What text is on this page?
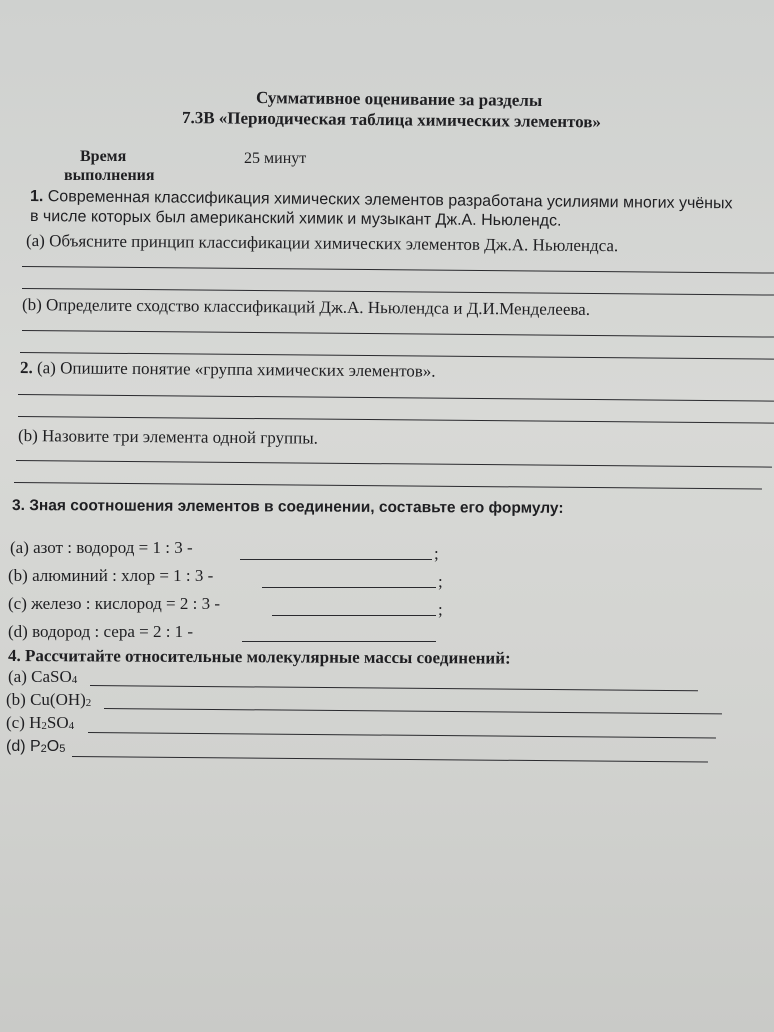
Суммативное оценивание за разделы
7.3В «Периодическая таблица химических элементов»
Время
выполнения
25 минут
1. Современная классификация химических элементов разработана усилиями многих учёных
в числе которых был американский химик и музыкант Дж.А. Ньюлендс.
(а) Объясните принцип классификации химических элементов Дж.А. Ньюлендса.
(b) Определите сходство классификаций Дж.А. Ньюлендса и Д.И.Менделеева.
2. (а) Опишите понятие «группа химических элементов».
(b) Назовите три элемента одной группы.
3. Зная соотношения элементов в соединении, составьте его формулу:
(а) азот : водород = 1 : 3 -	;
(b) алюминий : хлор = 1 : 3 -	;
(с) железо : кислород = 2 : 3 -	;
(d) водород : сера = 2 : 1 -
4. Рассчитайте относительные молекулярные массы соединений:
(а) CaSO$_4$
(b) $Cu(OH)_2$
(с) $H_2SO_4$
(d) $P_2O_5$
